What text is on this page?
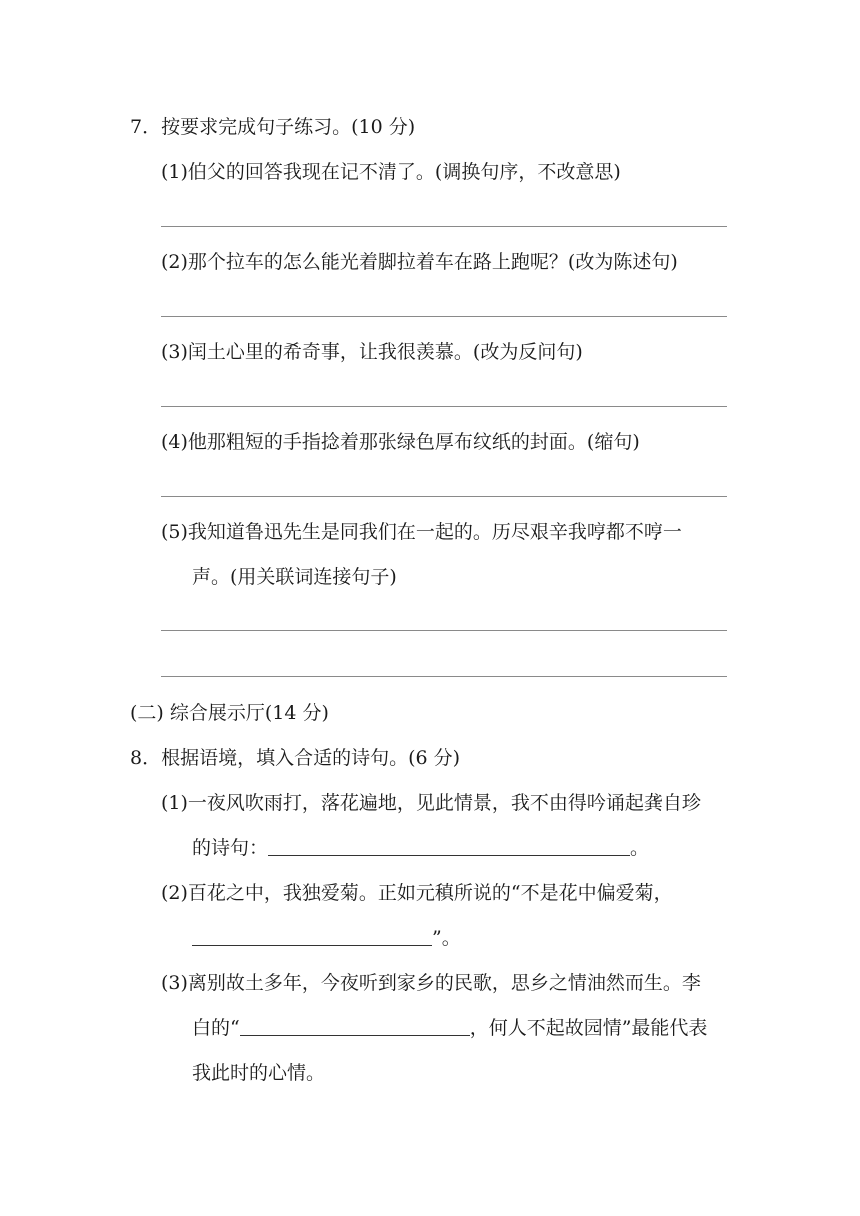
7．按要求完成句子练习。(10 分)
(1)伯父的回答我现在记不清了。(调换句序，不改意思)
(2)那个拉车的怎么能光着脚拉着车在路上跑呢？(改为陈述句)
(3)闰土心里的希奇事，让我很羡慕。(改为反问句)
(4)他那粗短的手指捻着那张绿色厚布纹纸的封面。(缩句)
(5)我知道鲁迅先生是同我们在一起的。历尽艰辛我哼都不哼一
声。(用关联词连接句子)
(二) 综合展示厅(14 分)
8．根据语境，填入合适的诗句。(6 分)
(1)一夜风吹雨打，落花遍地，见此情景，我不由得吟诵起龚自珍
的诗句：	。
(2)百花之中，我独爱菊。正如元稹所说的“不是花中偏爱菊，
”。
(3)离别故土多年，今夜听到家乡的民歌，思乡之情油然而生。李
白的“	，何人不起故园情”最能代表
我此时的心情。
